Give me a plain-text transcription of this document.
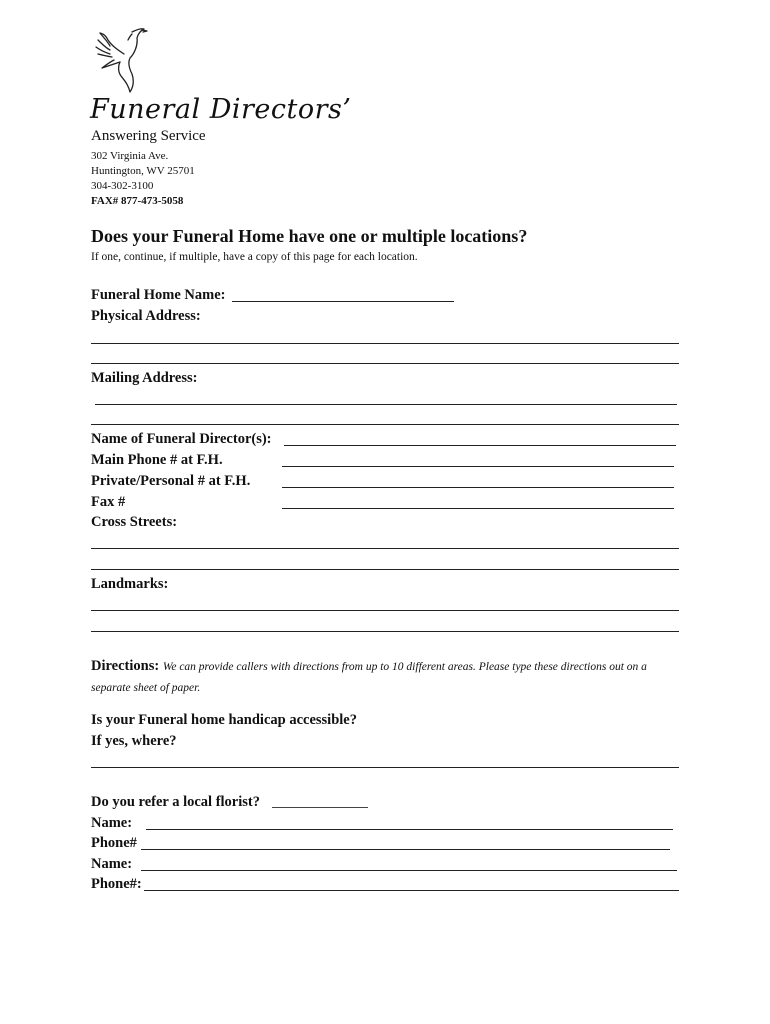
Funeral Directors’
Answering Service
302 Virginia Ave.
Huntington, WV 25701
304-302-3100
FAX# 877-473-5058
Does your Funeral Home have one or multiple locations?
If one, continue, if multiple, have a copy of this page for each location.
Funeral Home Name:
Physical Address:
Mailing Address:
Name of Funeral Director(s):
Main Phone # at F.H.
Private/Personal # at F.H.
Fax #
Cross Streets:
Landmarks:
Directions: We can provide callers with directions from up to 10 different areas. Please type these directions out on a separate sheet of paper.
Is your Funeral home handicap accessible?
If yes, where?
Do you refer a local florist?
Name:
Phone#
Name:
Phone#:
